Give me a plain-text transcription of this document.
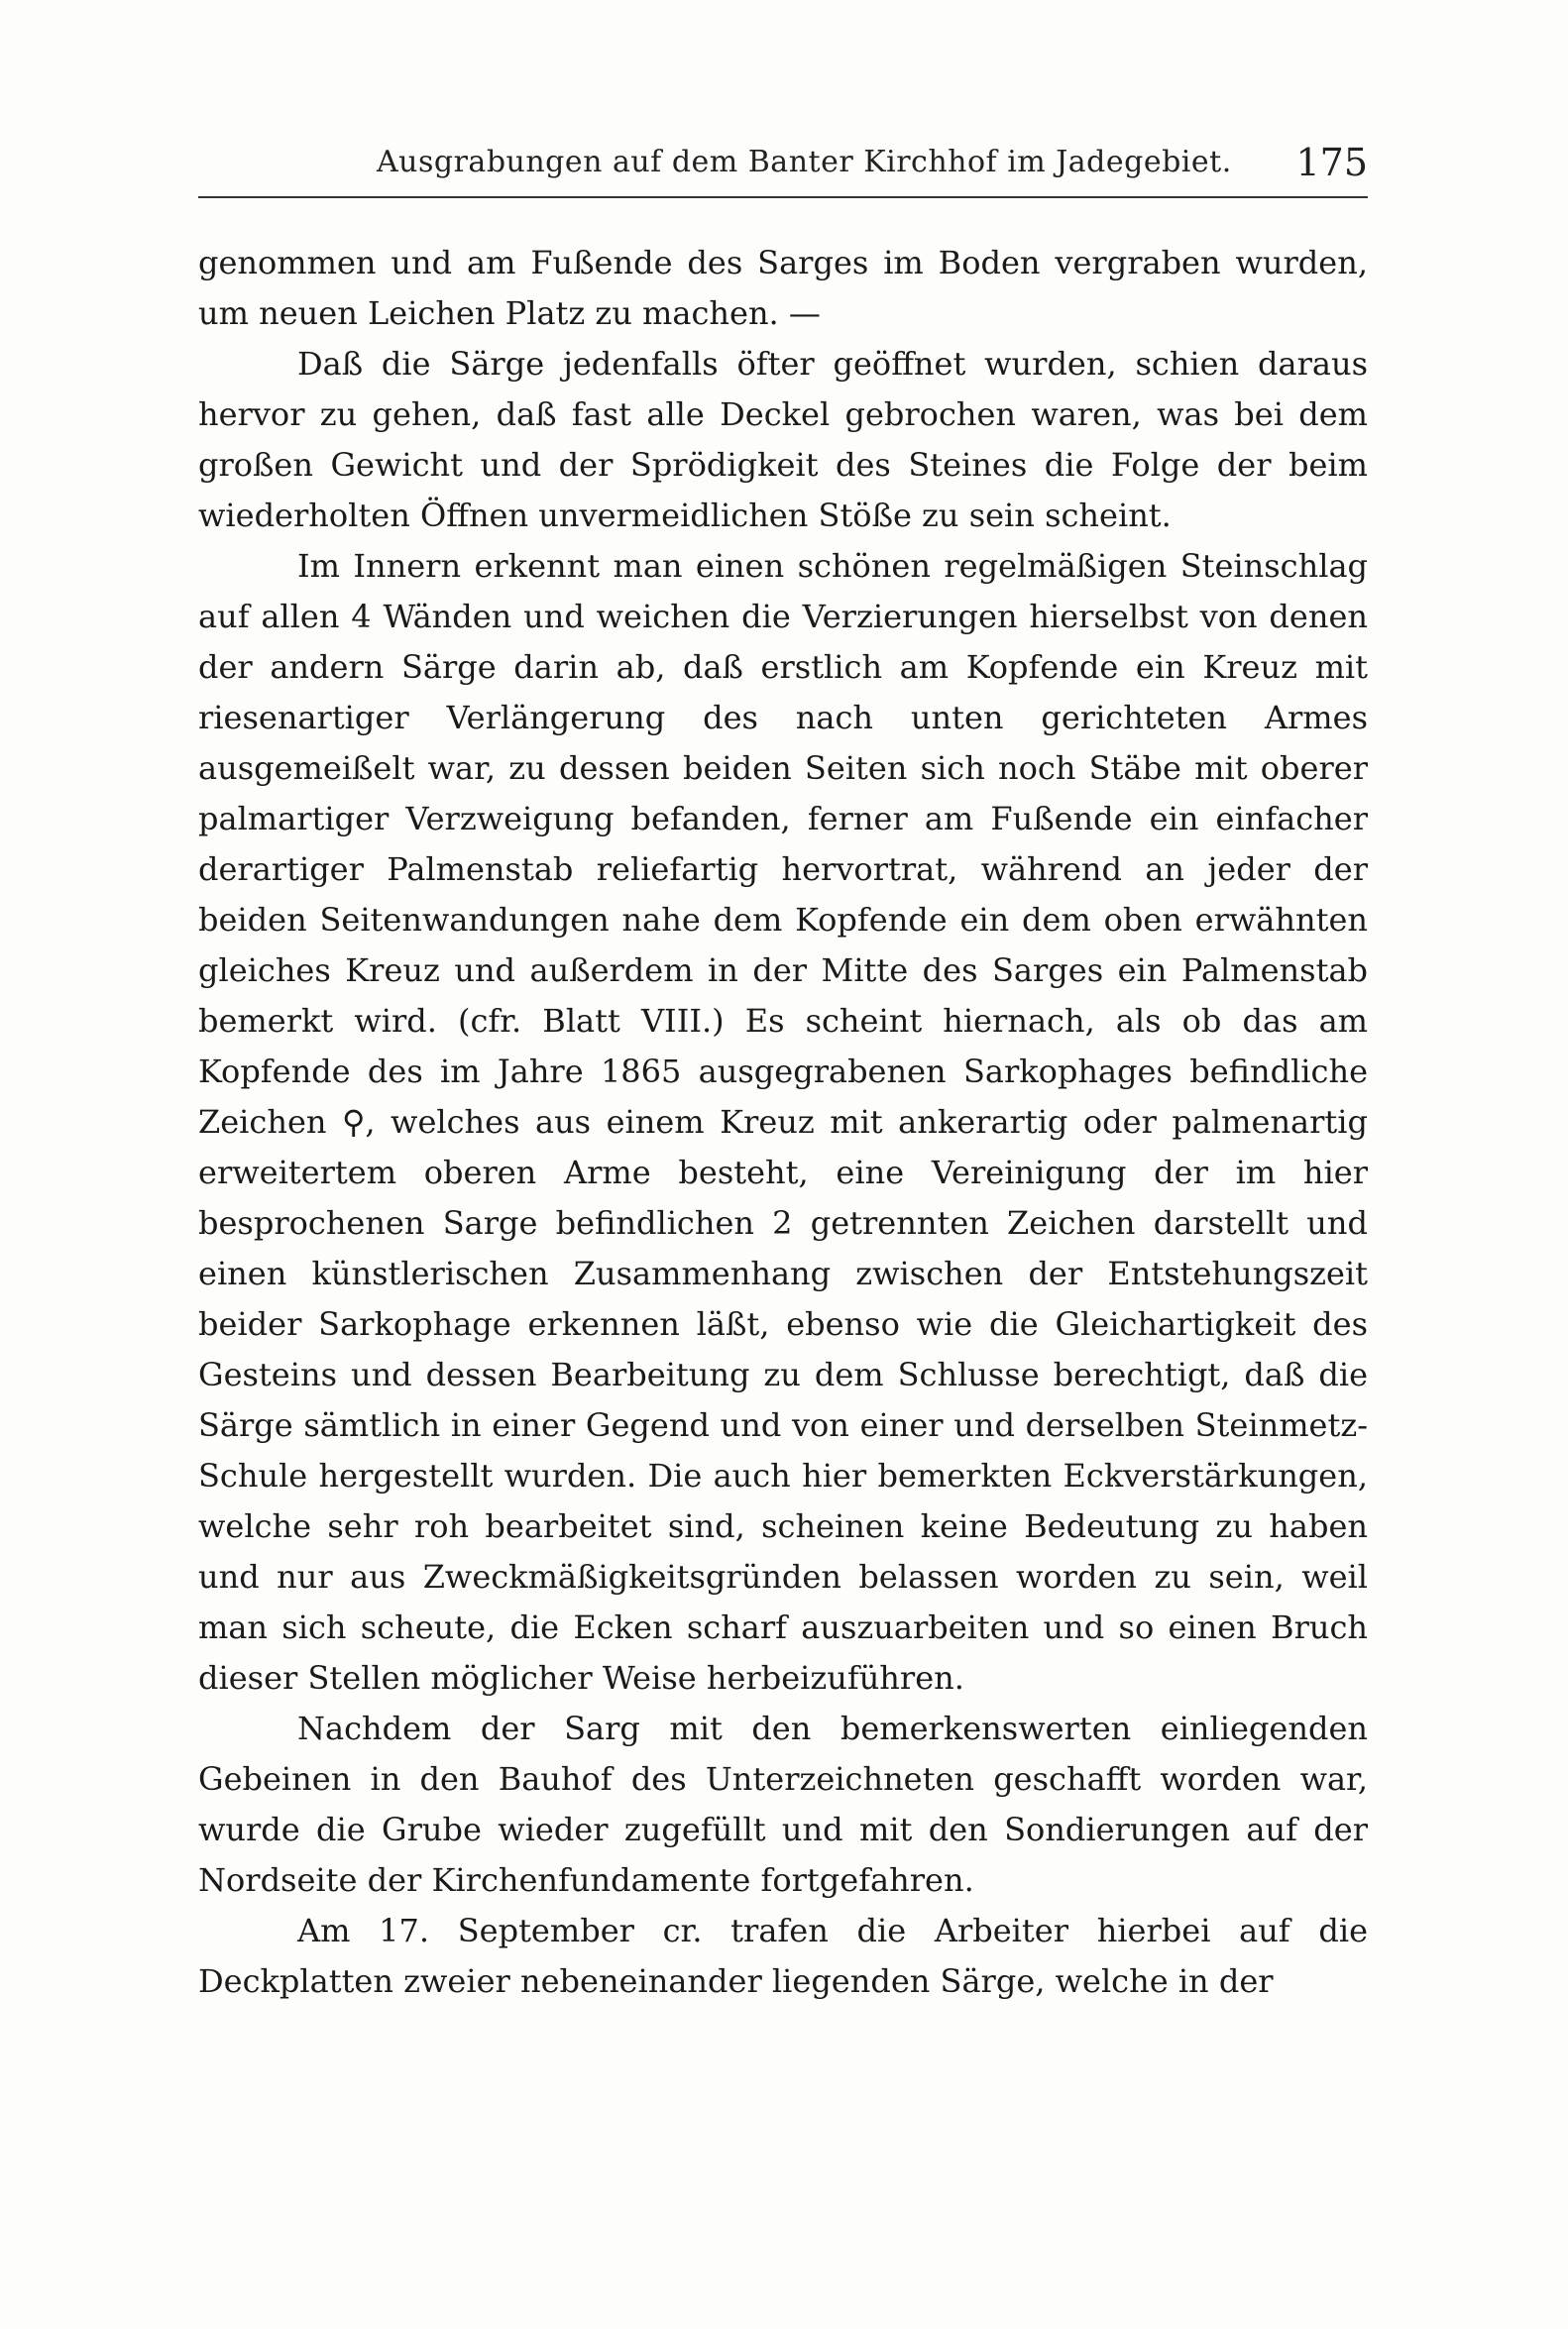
Ausgrabungen auf dem Banter Kirchhof im Jadegebiet. 175

genommen und am Fußende des Sarges im Boden vergraben wurden, um neuen Leichen Platz zu machen. —

Daß die Särge jedenfalls öfter geöffnet wurden, schien daraus hervor zu gehen, daß fast alle Deckel gebrochen waren, was bei dem großen Gewicht und der Sprödigkeit des Steines die Folge der beim wiederholten Öffnen unvermeidlichen Stöße zu sein scheint.

Im Innern erkennt man einen schönen regelmäßigen Steinschlag auf allen 4 Wänden und weichen die Verzierungen hierselbst von denen der andern Särge darin ab, daß erstlich am Kopfende ein Kreuz mit riesenartiger Verlängerung des nach unten gerichteten Armes ausgemeißelt war, zu dessen beiden Seiten sich noch Stäbe mit oberer palmartiger Verzweigung befanden, ferner am Fußende ein einfacher derartiger Palmenstab reliefartig hervortrat, während an jeder der beiden Seitenwandungen nahe dem Kopfende ein dem oben erwähnten gleiches Kreuz und außerdem in der Mitte des Sarges ein Palmenstab bemerkt wird. (cfr. Blatt VIII.) Es scheint hiernach, als ob das am Kopfende des im Jahre 1865 ausgegrabenen Sarkophages befindliche Zeichen ⚲, welches aus einem Kreuz mit ankerartig oder palmenartig erweitertem oberen Arme besteht, eine Vereinigung der im hier besprochenen Sarge befindlichen 2 getrennten Zeichen darstellt und einen künstlerischen Zusammenhang zwischen der Entstehungszeit beider Sarkophage erkennen läßt, ebenso wie die Gleichartigkeit des Gesteins und dessen Bearbeitung zu dem Schlusse berechtigt, daß die Särge sämtlich in einer Gegend und von einer und derselben Steinmetz-Schule hergestellt wurden. Die auch hier bemerkten Eckverstärkungen, welche sehr roh bearbeitet sind, scheinen keine Bedeutung zu haben und nur aus Zweckmäßigkeitsgründen belassen worden zu sein, weil man sich scheute, die Ecken scharf auszuarbeiten und so einen Bruch dieser Stellen möglicher Weise herbeizuführen.

Nachdem der Sarg mit den bemerkenswerten einliegenden Gebeinen in den Bauhof des Unterzeichneten geschafft worden war, wurde die Grube wieder zugefüllt und mit den Sondierungen auf der Nordseite der Kirchenfundamente fortgefahren.

Am 17. September cr. trafen die Arbeiter hierbei auf die Deckplatten zweier nebeneinander liegenden Särge, welche in der
